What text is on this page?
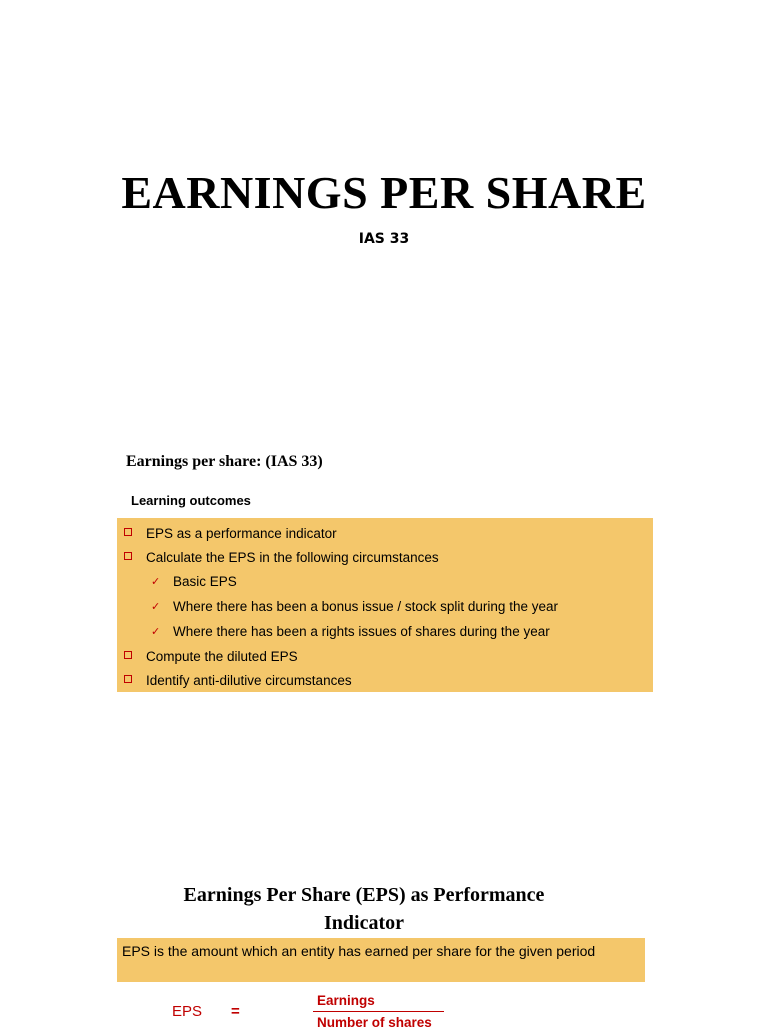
EARNINGS PER SHARE
IAS 33
Earnings per share: (IAS 33)
Learning outcomes
EPS as a performance indicator
Calculate the EPS in the following circumstances
✓ Basic EPS
✓ Where there has been a bonus issue / stock split during the year
✓ Where there has been a rights issues of shares during the year
Compute the diluted EPS
Identify anti-dilutive circumstances
Earnings Per Share (EPS) as Performance
Indicator
EPS is the amount which an entity has earned per share for the given period
EPS =
Earnings
Number of shares
